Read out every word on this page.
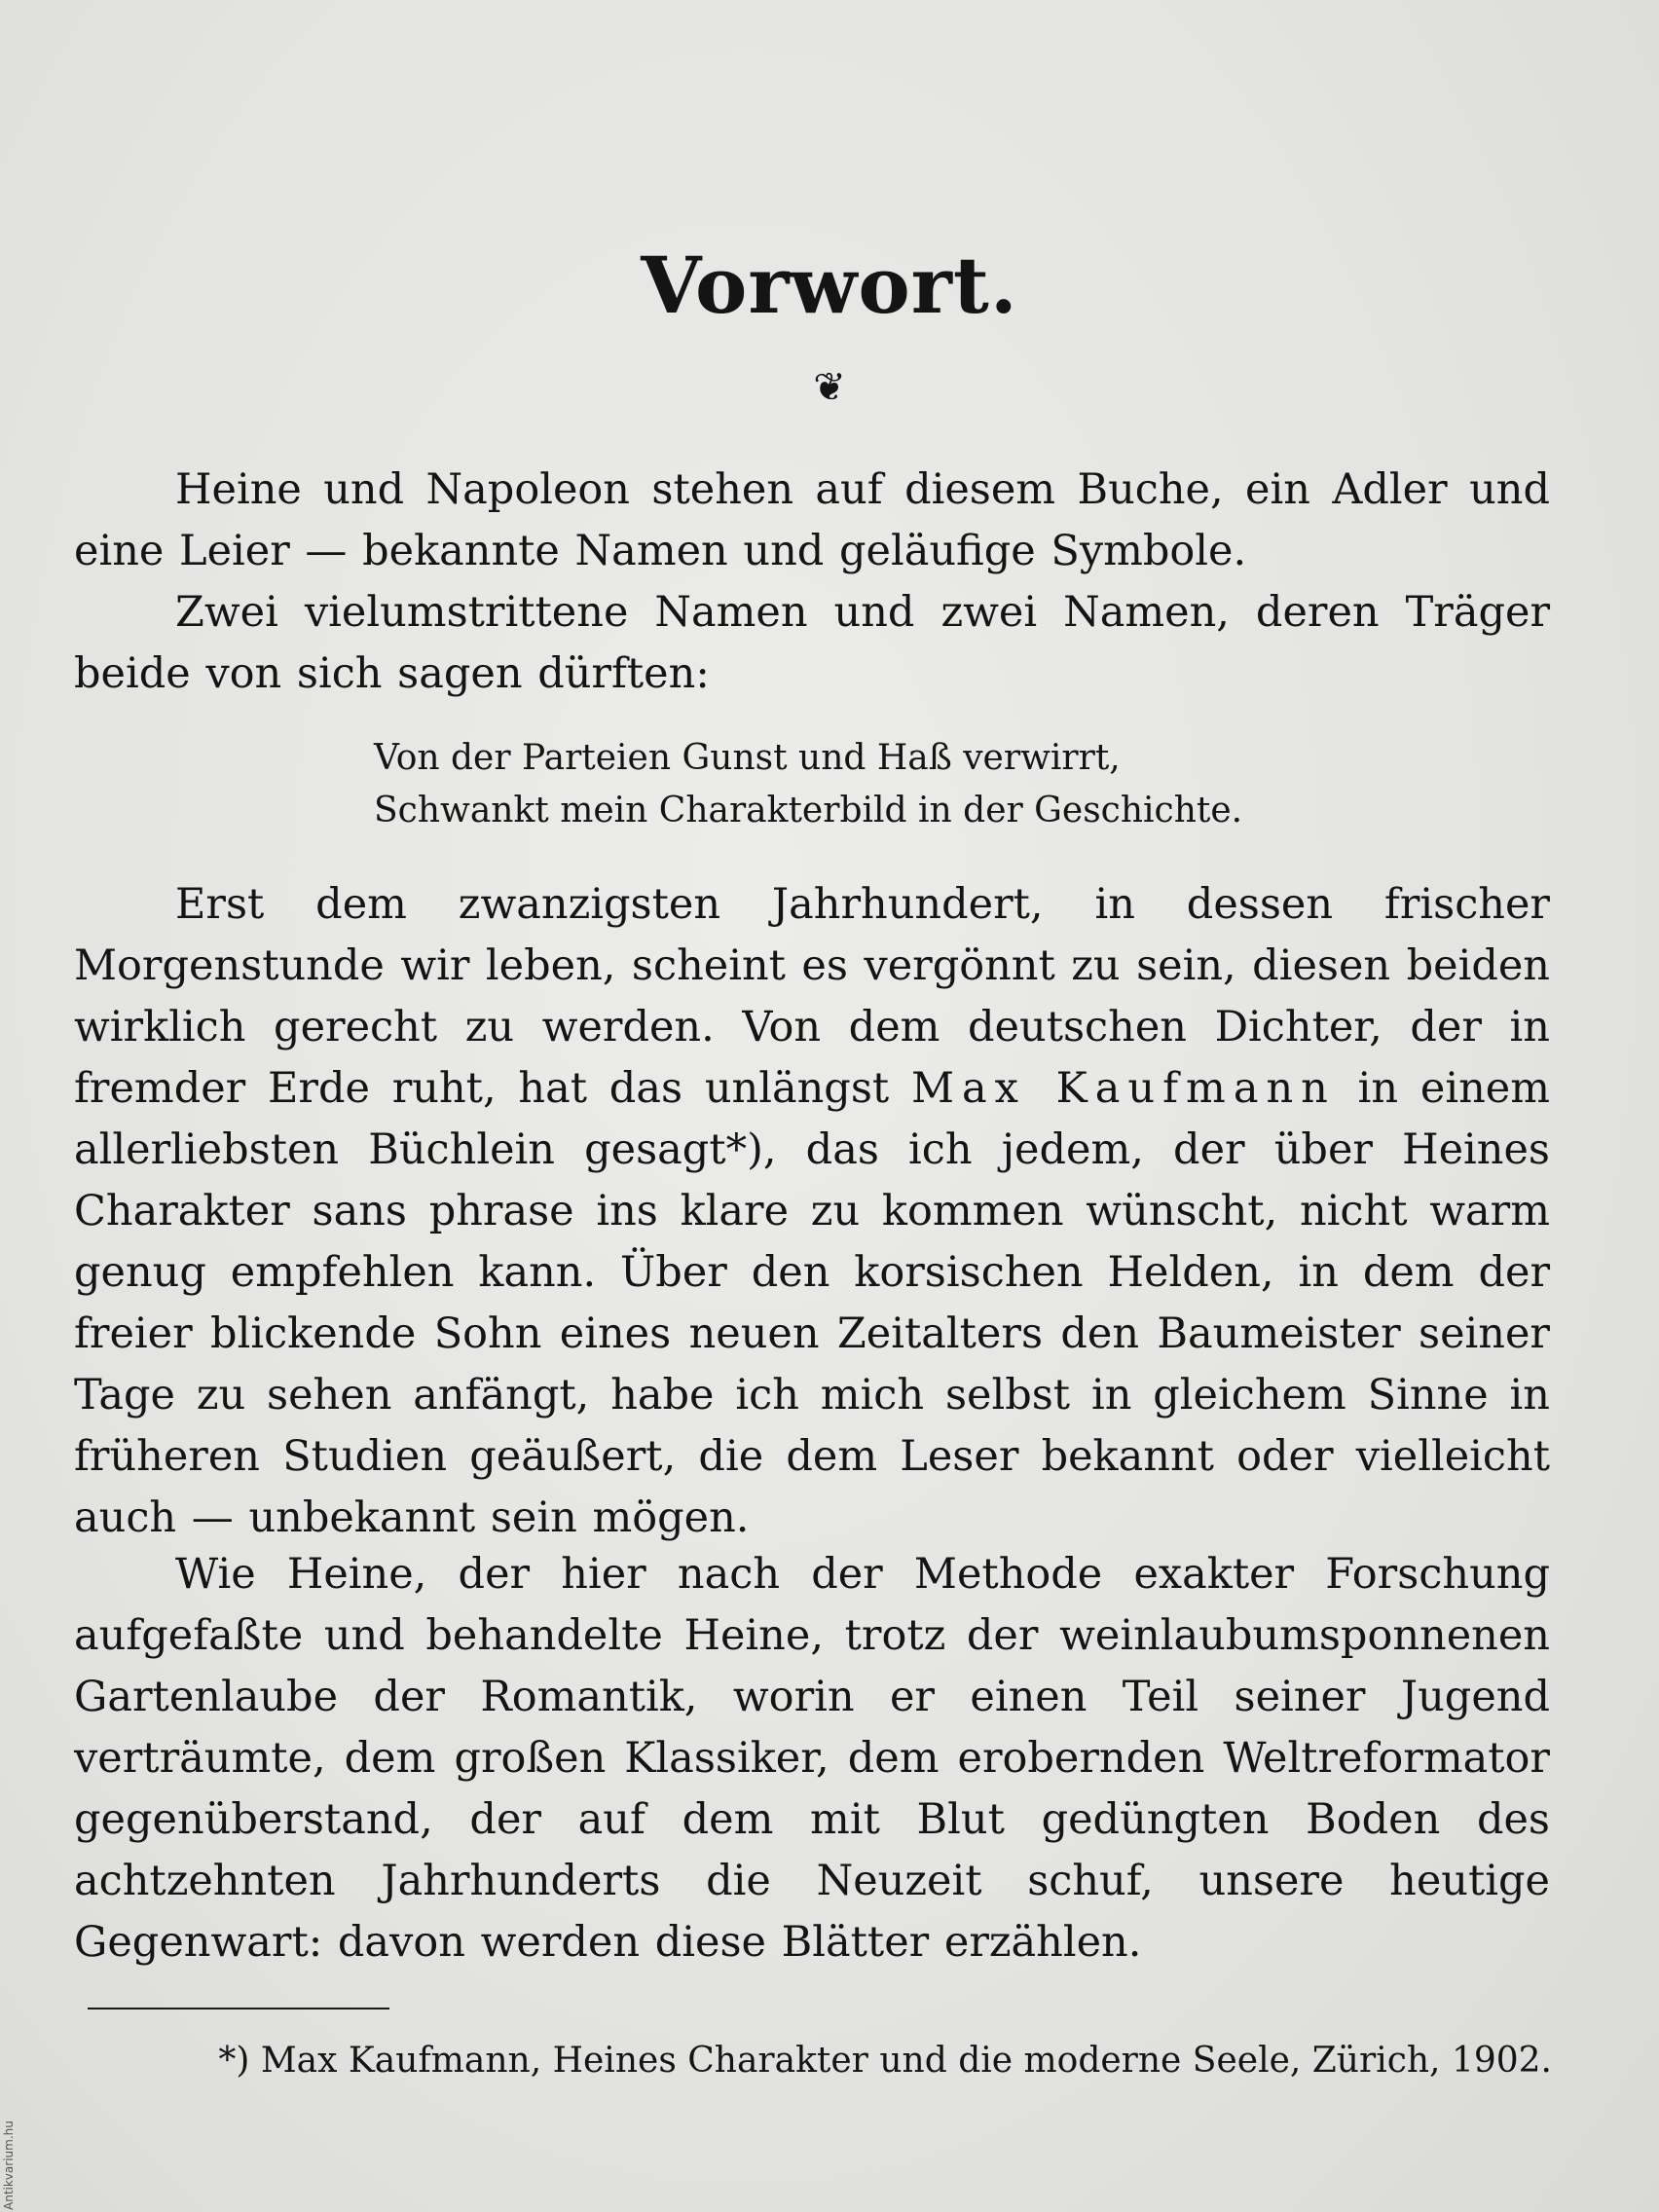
Vorwort.
❦

Heine und Napoleon stehen auf diesem Buche, ein Adler und eine Leier — bekannte Namen und geläufige Symbole.

Zwei vielumstrittene Namen und zwei Namen, deren Träger beide von sich sagen dürften:

Von der Parteien Gunst und Haß verwirrt,
Schwankt mein Charakterbild in der Geschichte.

Erst dem zwanzigsten Jahrhundert, in dessen frischer Morgenstunde wir leben, scheint es vergönnt zu sein, diesen beiden wirklich gerecht zu werden. Von dem deutschen Dichter, der in fremder Erde ruht, hat das unlängst Max Kaufmann in einem allerliebsten Büchlein gesagt*), das ich jedem, der über Heines Charakter sans phrase ins klare zu kommen wünscht, nicht warm genug empfehlen kann. Über den korsischen Helden, in dem der freier blickende Sohn eines neuen Zeitalters den Baumeister seiner Tage zu sehen anfängt, habe ich mich selbst in gleichem Sinne in früheren Studien geäußert, die dem Leser bekannt oder vielleicht auch — unbekannt sein mögen.

Wie Heine, der hier nach der Methode exakter Forschung aufgefaßte und behandelte Heine, trotz der weinlaubumsponnenen Gartenlaube der Romantik, worin er einen Teil seiner Jugend verträumte, dem großen Klassiker, dem erobernden Weltreformator gegenüberstand, der auf dem mit Blut gedüngten Boden des achtzehnten Jahrhunderts die Neuzeit schuf, unsere heutige Gegenwart: davon werden diese Blätter erzählen.

*) Max Kaufmann, Heines Charakter und die moderne Seele, Zürich, 1902.

Antikvarium.hu
